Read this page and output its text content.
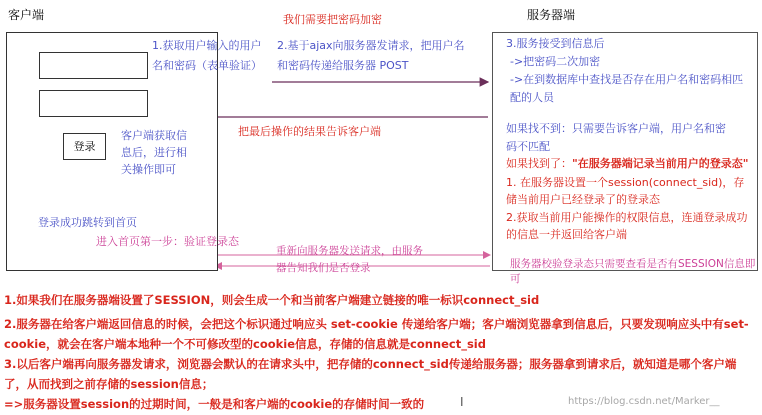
客户端
登录
1.获取用户输入的用户名和密码（表单验证）
客户端获取信息后，进行相关操作即可
登录成功跳转到首页
进入首页第一步：验证登录态
我们需要把密码加密
2.基于ajax向服务器发请求，把用户名和密码传递给服务器 POST
把最后操作的结果告诉客户端
重新向服务器发送请求，由服务器告知我们是否登录
服务器端
3.服务接受到信息后
->把密码二次加密
->在到数据库中查找是否存在用户名和密码相匹配的人员
如果找不到：只需要告诉客户端，用户名和密码不匹配
如果找到了："在服务器端记录当前用户的登录态"
1. 在服务器设置一个session(connect_sid)，存储当前用户已经登录了的登录态
2.获取当前用户能操作的权限信息，连通登录成功的信息一并返回给客户端
服务器校验登录态只需要查看是否有SESSION信息即可
1.如果我们在服务器端设置了SESSION，则会生成一个和当前客户端建立链接的唯一标识connect_sid
2.服务器在给客户端返回信息的时候，会把这个标识通过响应头 set-cookie 传递给客户端；客户端浏览器拿到信息后，只要发现响应头中有set-cookie，就会在客户端本地种一个不可修改型的cookie信息，存储的信息就是connect_sid
3.以后客户端再向服务器发请求，浏览器会默认的在请求头中，把存储的connect_sid传递给服务器；服务器拿到请求后，就知道是哪个客户端了，从而找到之前存储的session信息；
=>服务器设置session的过期时间，一般是和客户端的cookie的存储时间一致的	I	https://blog.csdn.net/Marker__
